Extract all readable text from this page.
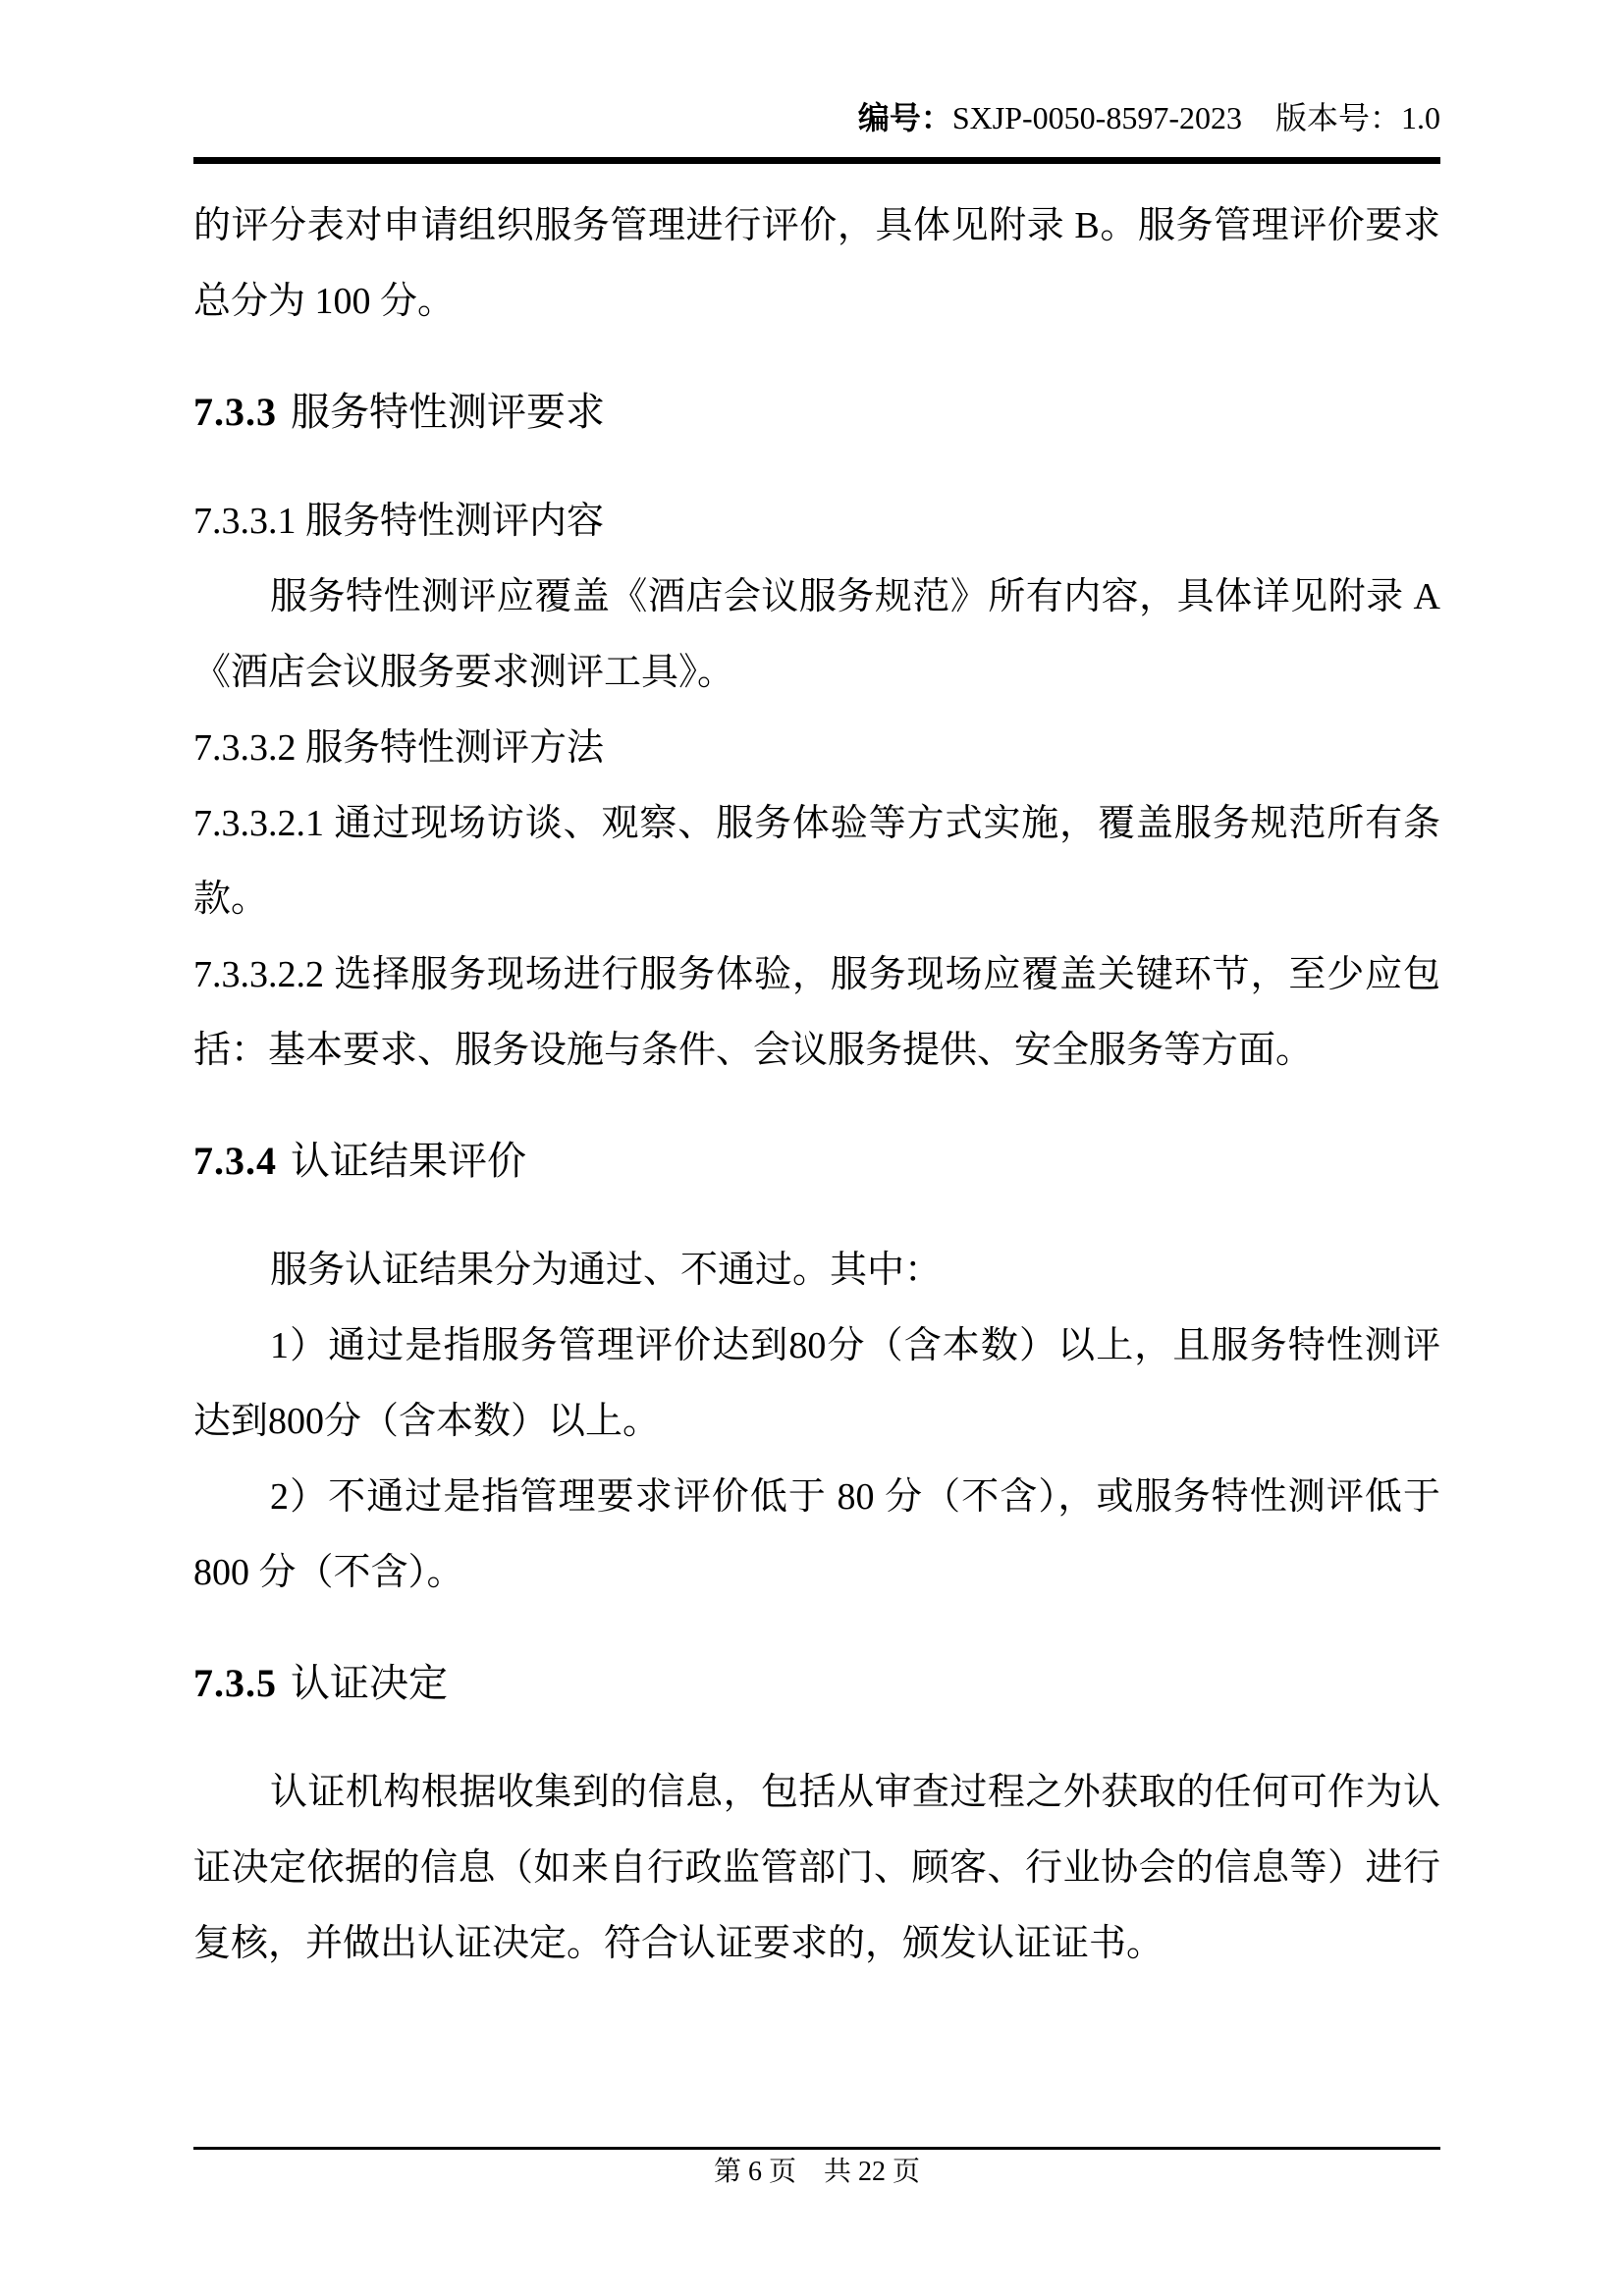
编号：SXJP-0050-8597-2023 版本号：1.0

的评分表对申请组织服务管理进行评价，具体见附录 B。服务管理评价要求总分为 100 分。

7.3.3 服务特性测评要求

7.3.3.1 服务特性测评内容

服务特性测评应覆盖《酒店会议服务规范》所有内容，具体详见附录 A《酒店会议服务要求测评工具》。

7.3.3.2 服务特性测评方法

7.3.3.2.1 通过现场访谈、观察、服务体验等方式实施，覆盖服务规范所有条款。

7.3.3.2.2 选择服务现场进行服务体验，服务现场应覆盖关键环节，至少应包括：基本要求、服务设施与条件、会议服务提供、安全服务等方面。

7.3.4 认证结果评价

服务认证结果分为通过、不通过。其中：

1）通过是指服务管理评价达到80分（含本数）以上，且服务特性测评达到800分（含本数）以上。

2）不通过是指管理要求评价低于 80 分（不含），或服务特性测评低于 800 分（不含）。

7.3.5 认证决定

认证机构根据收集到的信息，包括从审查过程之外获取的任何可作为认证决定依据的信息（如来自行政监管部门、顾客、行业协会的信息等）进行复核，并做出认证决定。符合认证要求的，颁发认证证书。

第 6 页　共 22 页
